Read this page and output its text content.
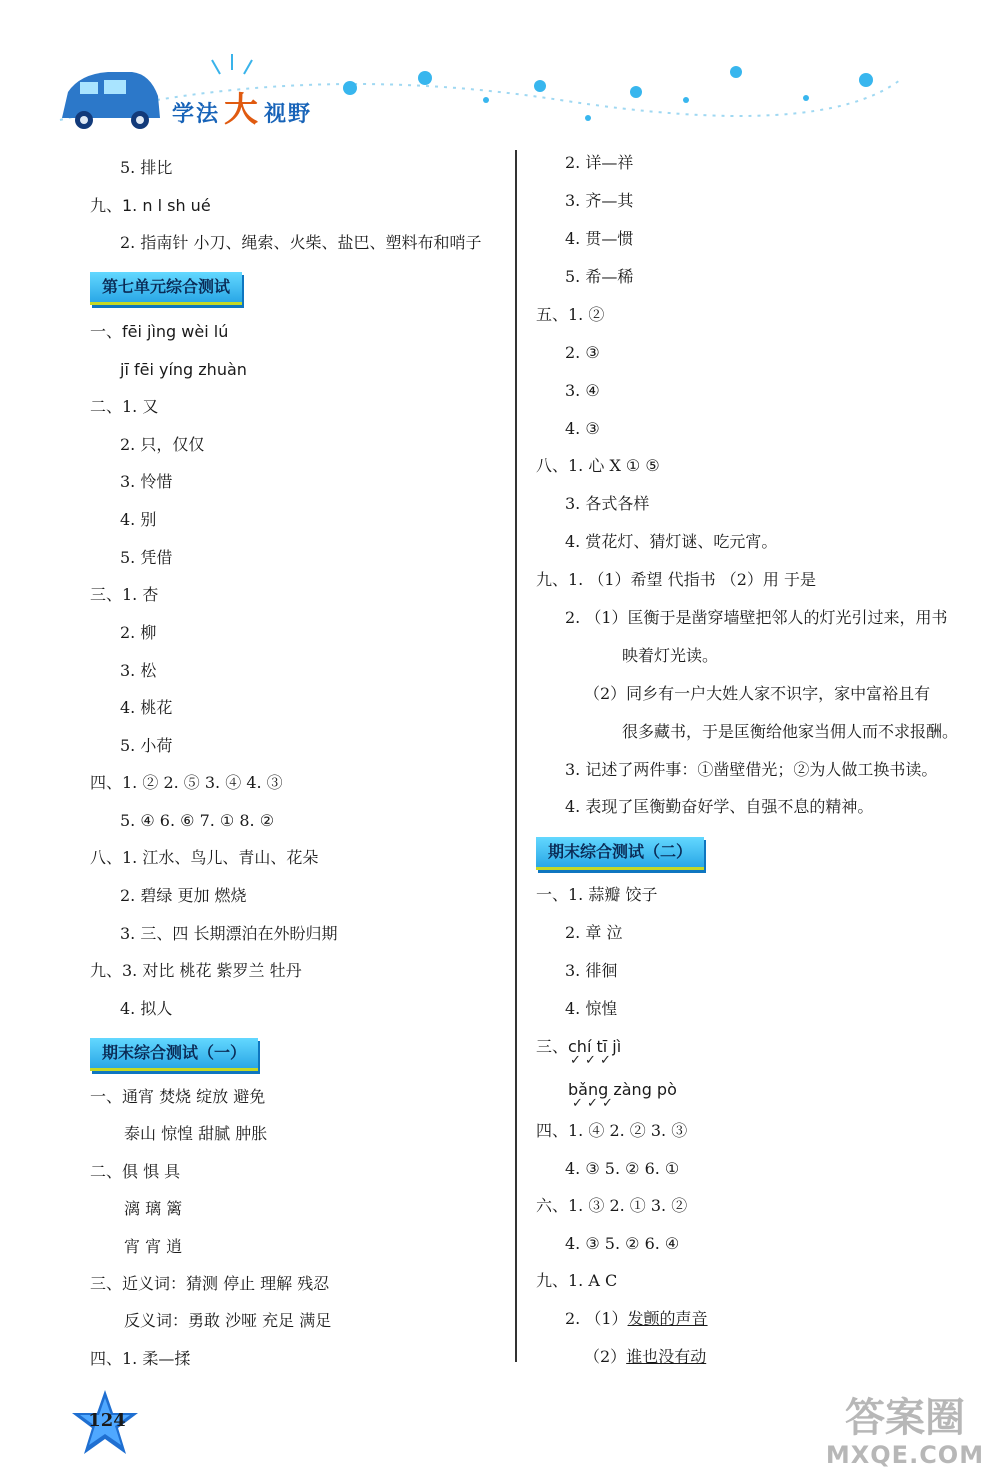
学法 大 视野
5. 排比
九、1. n l sh ué
2. 指南针 小刀、绳索、火柴、盐巴、塑料布和哨子
第七单元综合测试
一、fēi jìng wèi lú
jī fēi yíng zhuàn
二、1. 又
2. 只，仅仅
3. 怜惜
4. 别
5. 凭借
三、1. 杏
2. 柳
3. 松
4. 桃花
5. 小荷
四、1. ② 2. ⑤ 3. ④ 4. ③
5. ④ 6. ⑥ 7. ① 8. ②
八、1. 江水、鸟儿、青山、花朵
2. 碧绿 更加 燃烧
3. 三、四 长期漂泊在外盼归期
九、3. 对比 桃花 紫罗兰 牡丹
4. 拟人
期末综合测试（一）
一、通宵 焚烧 绽放 避免
泰山 惊惶 甜腻 肿胀
二、俱 惧 具
漓 璃 篱
宵 宵 逍
三、近义词：猜测 停止 理解 残忍
反义词：勇敢 沙哑 充足 满足
四、1. 柔—揉
2. 详—祥
3. 齐—其
4. 贯—惯
5. 希—稀
五、1. ②
2. ③
3. ④
4. ③
八、1. 心 X ① ⑤
3. 各式各样
4. 赏花灯、猜灯谜、吃元宵。
九、1. （1）希望 代指书 （2）用 于是
2. （1）匡衡于是凿穿墙壁把邻人的灯光引过来，用书
映着灯光读。
（2）同乡有一户大姓人家不识字，家中富裕且有
很多藏书，于是匡衡给他家当佣人而不求报酬。
3. 记述了两件事：①凿壁借光；②为人做工换书读。
4. 表现了匡衡勤奋好学、自强不息的精神。
期末综合测试（二）
一、1. 蒜瓣 饺子
2. 章 泣
3. 徘徊
4. 惊惶
三、chí tī jì
✓ ✓ ✓
bǎng zàng pò
✓ ✓ ✓
四、1. ④ 2. ② 3. ③
4. ③ 5. ② 6. ①
六、1. ③ 2. ① 3. ②
4. ③ 5. ② 6. ④
九、1. A C
2. （1）发颤的声音
（2）谁也没有动
124	答案圈
MXQE.COM
